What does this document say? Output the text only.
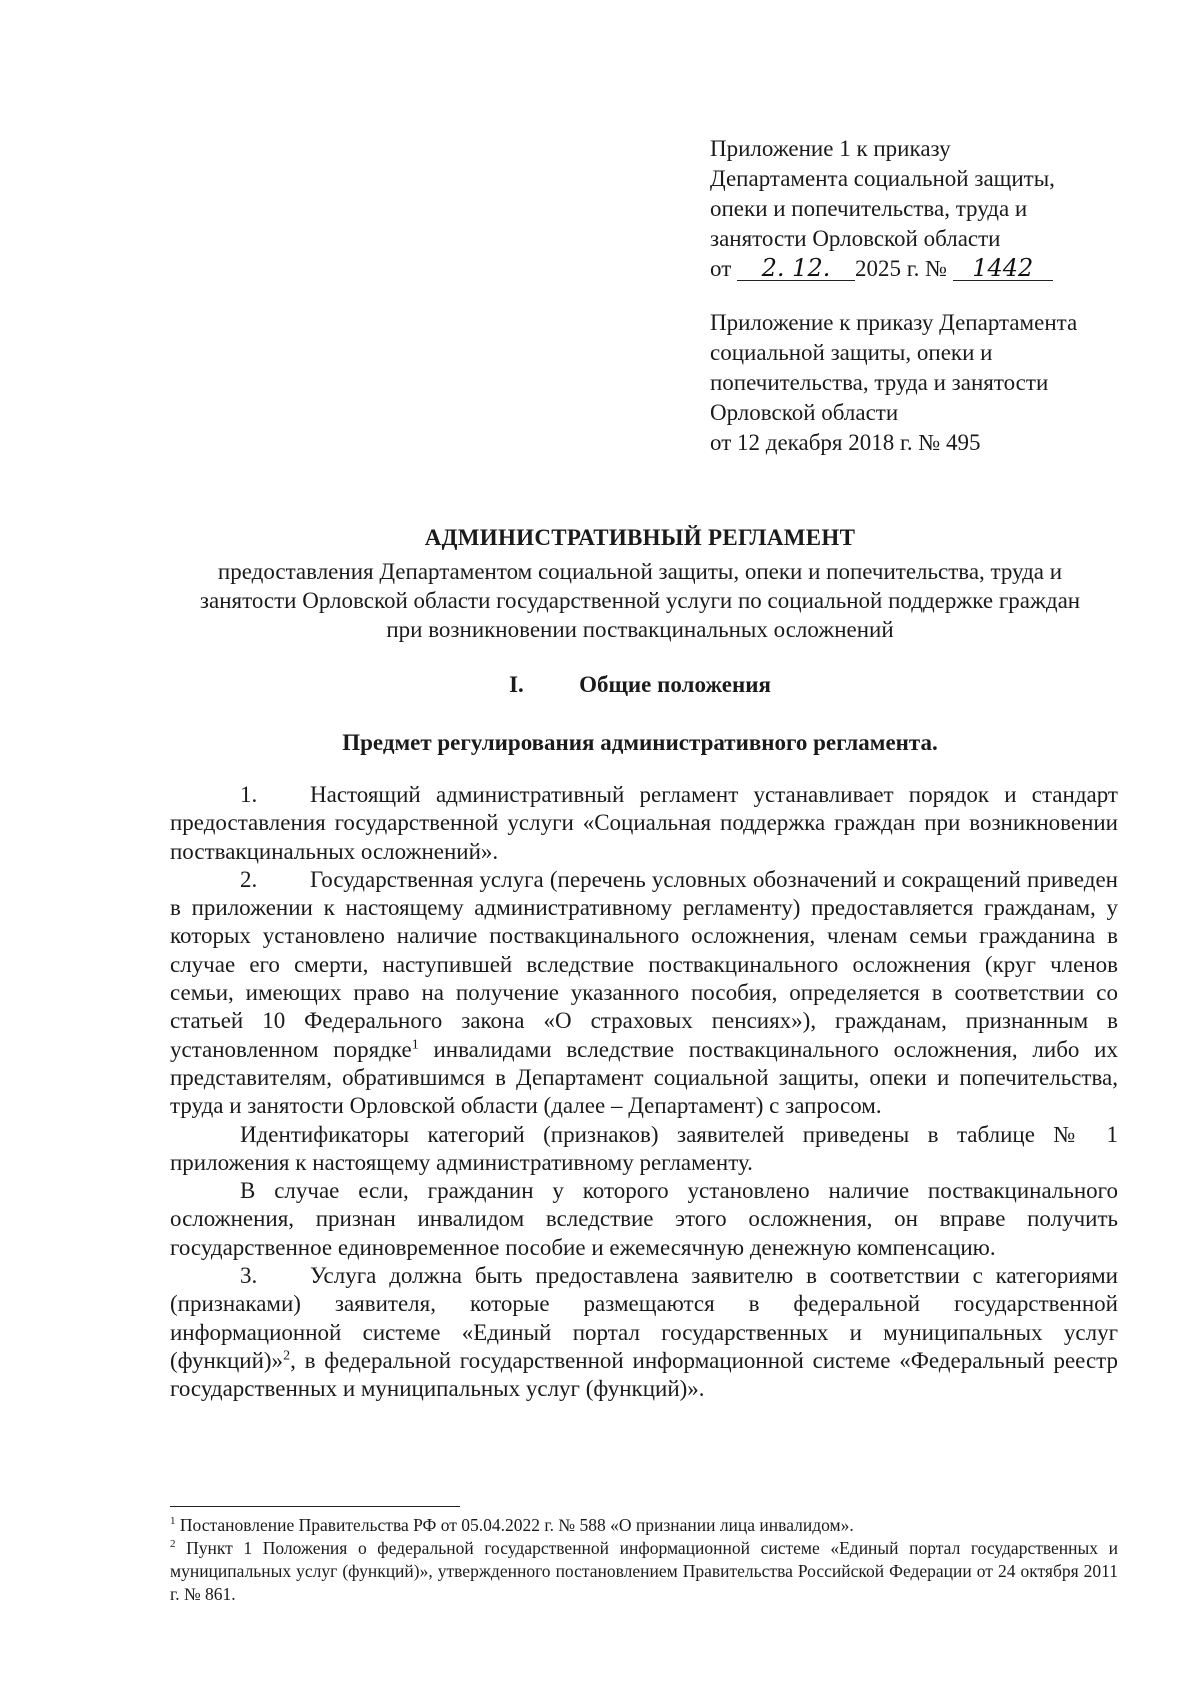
Приложение 1 к приказу
Департамента социальной защиты,
опеки и попечительства, труда и
занятости Орловской области
от 2. 12. 2025 г. № 1442
Приложение к приказу Департамента
социальной защиты, опеки и
попечительства, труда и занятости
Орловской области
от 12 декабря 2018 г. № 495
АДМИНИСТРАТИВНЫЙ РЕГЛАМЕНТ
предоставления Департаментом социальной защиты, опеки и попечительства, труда и
занятости Орловской области государственной услуги по социальной поддержке граждан
при возникновении поствакцинальных осложнений
I. Общие положения
Предмет регулирования административного регламента.

1. Настоящий административный регламент устанавливает порядок и стандарт предоставления государственной услуги «Социальная поддержка граждан при возникновении поствакцинальных осложнений».

2. Государственная услуга (перечень условных обозначений и сокращений приведен в приложении к настоящему административному регламенту) предоставляется гражданам, у которых установлено наличие поствакцинального осложнения, членам семьи гражданина в случае его смерти, наступившей вследствие поствакцинального осложнения (круг членов семьи, имеющих право на получение указанного пособия, определяется в соответствии со статьей 10 Федерального закона «О страховых пенсиях»), гражданам, признанным в установленном порядке$^1$ инвалидами вследствие поствакцинального осложнения, либо их представителям, обратившимся в Департамент социальной защиты, опеки и попечительства, труда и занятости Орловской области (далее – Департамент) с запросом.

Идентификаторы категорий (признаков) заявителей приведены в таблице № 1 приложения к настоящему административному регламенту.

В случае если, гражданин у которого установлено наличие поствакцинального осложнения, признан инвалидом вследствие этого осложнения, он вправе получить государственное единовременное пособие и ежемесячную денежную компенсацию.

3. Услуга должна быть предоставлена заявителю в соответствии с категориями (признаками) заявителя, которые размещаются в федеральной государственной информационной системе «Единый портал государственных и муниципальных услуг (функций)»$^2$, в федеральной государственной информационной системе «Федеральный реестр государственных и муниципальных услуг (функций)».

$^1$ Постановление Правительства РФ от 05.04.2022 г. № 588 «О признании лица инвалидом».

$^2$ Пункт 1 Положения о федеральной государственной информационной системе «Единый портал государственных и муниципальных услуг (функций)», утвержденного постановлением Правительства Российской Федерации от 24 октября 2011 г. № 861.
